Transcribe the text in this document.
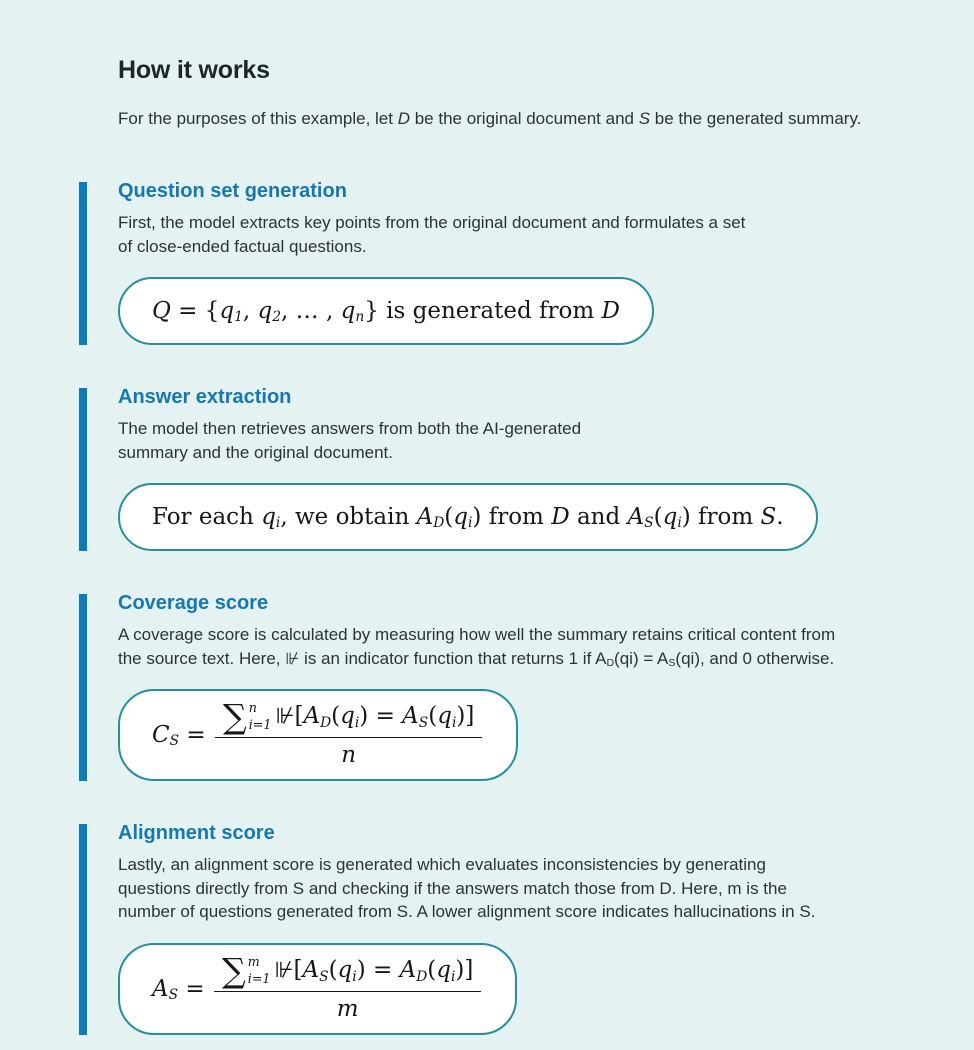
How it works

For the purposes of this example, let D be the original document and S be the generated summary.

Question set generation
First, the model extracts key points from the original document and formulates a set
of close-ended factual questions.
Q = { $q_1$ , $q_2$ , … , $q_n$ } is generated from D
Answer extraction
The model then retrieves answers from both the AI-generated
summary and the original document.
For each $q_i$ , we obtain $A_D$ ( $q_i$ ) from D and $A_S$ ( $q_i$ ) from S .
Coverage score
A coverage score is calculated by measuring how well the summary retains critical content from
the source text. Here, ⊮ is an indicator function that returns 1 if $A_D(qi) = A_S(qi)$, and 0 otherwise.
$C_S$ = ∑ n
i=1 ⊮ [ $A_D$ ( $q_i$ ) = $A_S$ ( $q_i$ )]
n
Alignment score
Lastly, an alignment score is generated which evaluates inconsistencies by generating
questions directly from S and checking if the answers match those from D. Here, m is the
number of questions generated from S. A lower alignment score indicates hallucinations in S.
$A_S$ = ∑ m
i=1 ⊮ [ $A_S$ ( $q_i$ ) = $A_D$ ( $q_i$ )]
m
